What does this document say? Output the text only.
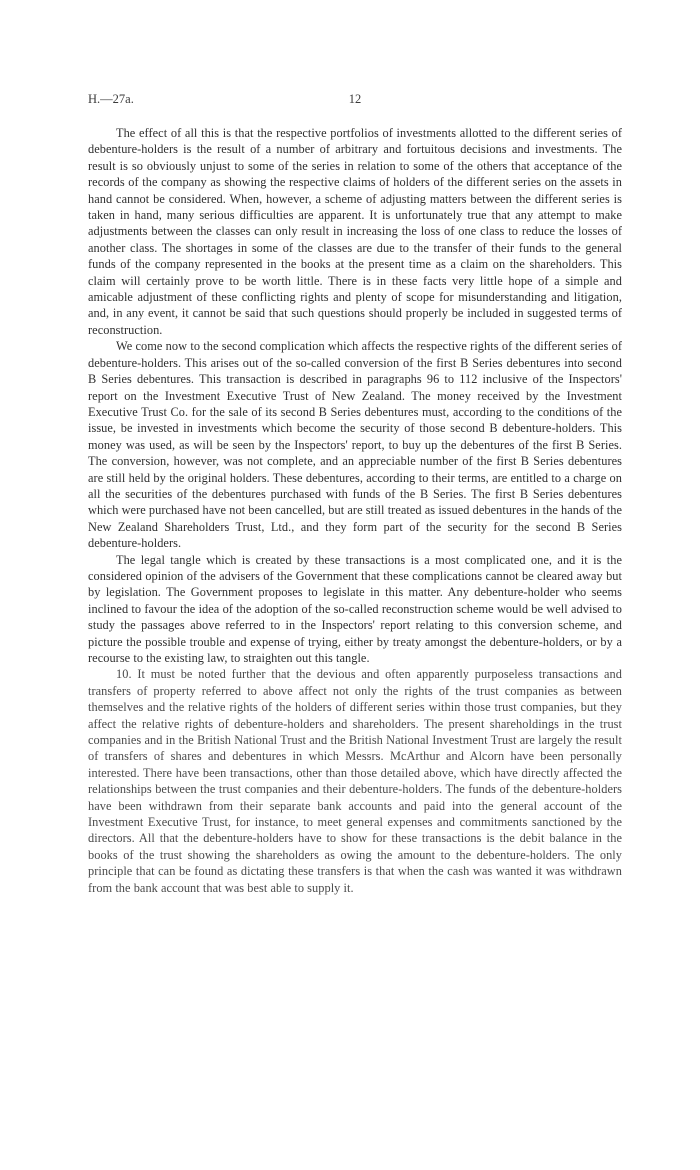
H.—27a.	12

The effect of all this is that the respective portfolios of investments allotted to the different series of debenture-holders is the result of a number of arbitrary and fortuitous decisions and investments. The result is so obviously unjust to some of the series in relation to some of the others that acceptance of the records of the company as showing the respective claims of holders of the different series on the assets in hand cannot be considered. When, however, a scheme of adjusting matters between the different series is taken in hand, many serious difficulties are apparent. It is unfortunately true that any attempt to make adjustments between the classes can only result in increasing the loss of one class to reduce the losses of another class. The shortages in some of the classes are due to the transfer of their funds to the general funds of the company represented in the books at the present time as a claim on the shareholders. This claim will certainly prove to be worth little. There is in these facts very little hope of a simple and amicable adjustment of these conflicting rights and plenty of scope for misunderstanding and litigation, and, in any event, it cannot be said that such questions should properly be included in suggested terms of reconstruction.

We come now to the second complication which affects the respective rights of the different series of debenture-holders. This arises out of the so-called conversion of the first B Series debentures into second B Series debentures. This transaction is described in paragraphs 96 to 112 inclusive of the Inspectors' report on the Investment Executive Trust of New Zealand. The money received by the Investment Executive Trust Co. for the sale of its second B Series debentures must, according to the conditions of the issue, be invested in investments which become the security of those second B debenture-holders. This money was used, as will be seen by the Inspectors' report, to buy up the debentures of the first B Series. The conversion, however, was not complete, and an appreciable number of the first B Series debentures are still held by the original holders. These debentures, according to their terms, are entitled to a charge on all the securities of the debentures purchased with funds of the B Series. The first B Series debentures which were purchased have not been cancelled, but are still treated as issued debentures in the hands of the New Zealand Shareholders Trust, Ltd., and they form part of the security for the second B Series debenture-holders.

The legal tangle which is created by these transactions is a most complicated one, and it is the considered opinion of the advisers of the Government that these complications cannot be cleared away but by legislation. The Government proposes to legislate in this matter. Any debenture-holder who seems inclined to favour the idea of the adoption of the so-called reconstruction scheme would be well advised to study the passages above referred to in the Inspectors' report relating to this conversion scheme, and picture the possible trouble and expense of trying, either by treaty amongst the debenture-holders, or by a recourse to the existing law, to straighten out this tangle.

10. It must be noted further that the devious and often apparently purposeless transactions and transfers of property referred to above affect not only the rights of the trust companies as between themselves and the relative rights of the holders of different series within those trust companies, but they affect the relative rights of debenture-holders and shareholders. The present shareholdings in the trust companies and in the British National Trust and the British National Investment Trust are largely the result of transfers of shares and debentures in which Messrs. McArthur and Alcorn have been personally interested. There have been transactions, other than those detailed above, which have directly affected the relationships between the trust companies and their debenture-holders. The funds of the debenture-holders have been withdrawn from their separate bank accounts and paid into the general account of the Investment Executive Trust, for instance, to meet general expenses and commitments sanctioned by the directors. All that the debenture-holders have to show for these transactions is the debit balance in the books of the trust showing the shareholders as owing the amount to the debenture-holders. The only principle that can be found as dictating these transfers is that when the cash was wanted it was withdrawn from the bank account that was best able to supply it.
